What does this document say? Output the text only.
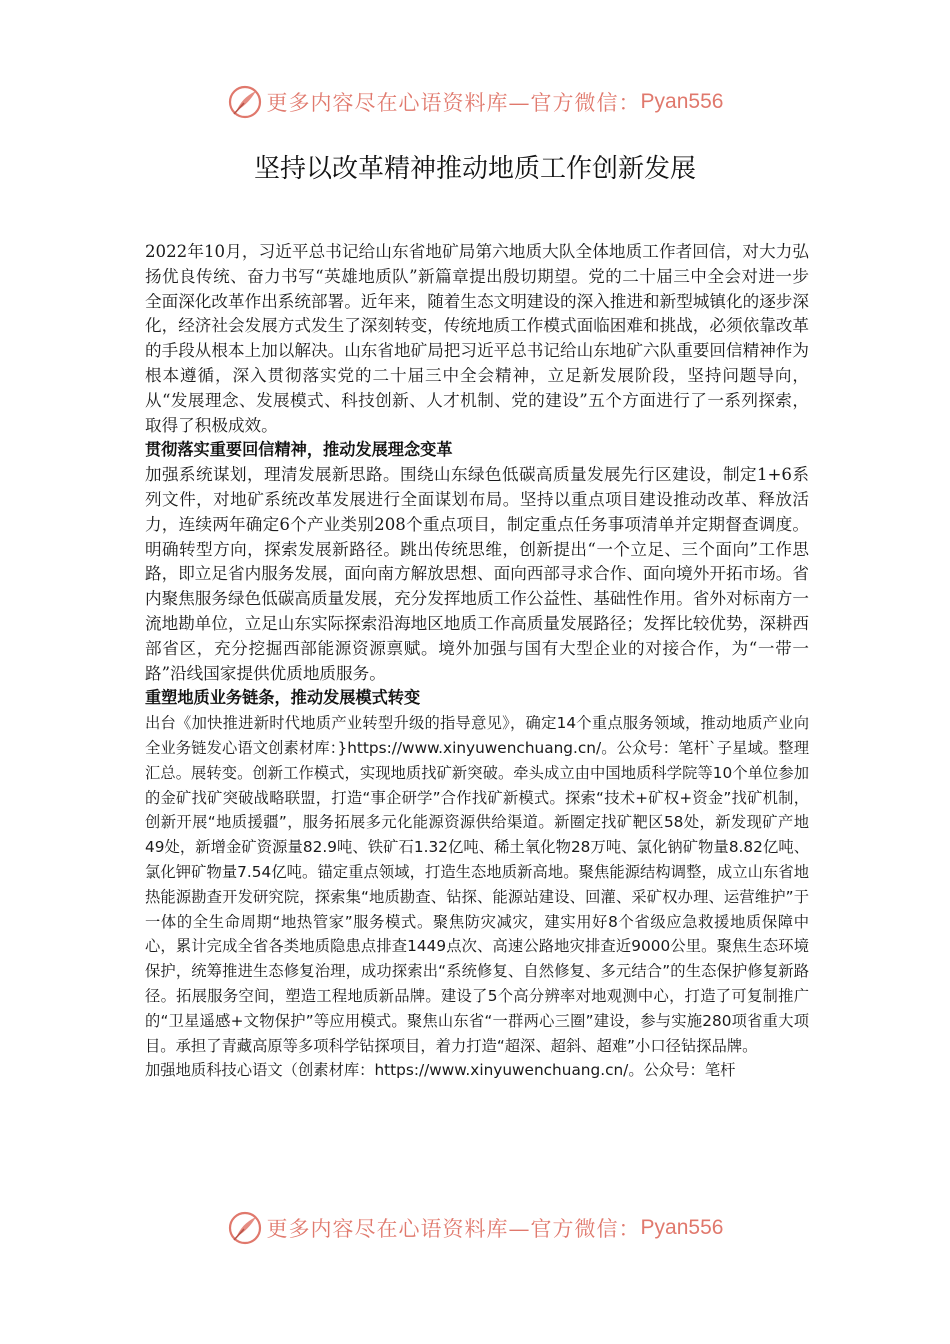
更多内容尽在心语资料库—官方微信： Pyan556
坚持以改革精神推动地质工作创新发展

2022年10月，习近平总书记给山东省地矿局第六地质大队全体地质工作者回信，对大力弘扬优良传统、奋力书写“英雄地质队”新篇章提出殷切期望。党的二十届三中全会对进一步全面深化改革作出系统部署。近年来，随着生态文明建设的深入推进和新型城镇化的逐步深化，经济社会发展方式发生了深刻转变，传统地质工作模式面临困难和挑战，必须依靠改革的手段从根本上加以解决。山东省地矿局把习近平总书记给山东地矿六队重要回信精神作为根本遵循，深入贯彻落实党的二十届三中全会精神，立足新发展阶段，坚持问题导向，从“发展理念、发展模式、科技创新、人才机制、党的建设”五个方面进行了一系列探索，取得了积极成效。

贯彻落实重要回信精神，推动发展理念变革

加强系统谋划，理清发展新思路。围绕山东绿色低碳高质量发展先行区建设，制定1+6系列文件，对地矿系统改革发展进行全面谋划布局。坚持以重点项目建设推动改革、释放活力，连续两年确定6个产业类别208个重点项目，制定重点任务事项清单并定期督查调度。明确转型方向，探索发展新路径。跳出传统思维，创新提出“一个立足、三个面向”工作思路，即立足省内服务发展，面向南方解放思想、面向西部寻求合作、面向境外开拓市场。省内聚焦服务绿色低碳高质量发展，充分发挥地质工作公益性、基础性作用。省外对标南方一流地勘单位，立足山东实际探索沿海地区地质工作高质量发展路径；发挥比较优势，深耕西部省区，充分挖掘西部能源资源禀赋。境外加强与国有大型企业的对接合作，为“一带一路”沿线国家提供优质地质服务。

重塑地质业务链条，推动发展模式转变

出台《加快推进新时代地质产业转型升级的指导意见》，确定14个重点服务领域，推动地质产业向全业务链发心语文创素材库：}https://www.xinyuwenchuang.cn/。公众号：笔杆`子星域。整理汇总。展转变。创新工作模式，实现地质找矿新突破。牵头成立由中国地质科学院等10个单位参加的金矿找矿突破战略联盟，打造“事企研学”合作找矿新模式。探索“技术+矿权+资金”找矿机制，创新开展“地质援疆”，服务拓展多元化能源资源供给渠道。新圈定找矿靶区58处，新发现矿产地49处，新增金矿资源量82.9吨、铁矿石1.32亿吨、稀土氧化物28万吨、氯化钠矿物量8.82亿吨、氯化钾矿物量7.54亿吨。锚定重点领域，打造生态地质新高地。聚焦能源结构调整，成立山东省地热能源勘查开发研究院，探索集“地质勘查、钻探、能源站建设、回灌、采矿权办理、运营维护”于一体的全生命周期“地热管家”服务模式。聚焦防灾减灾，建实用好8个省级应急救援地质保障中心，累计完成全省各类地质隐患点排查1449点次、高速公路地灾排查近9000公里。聚焦生态环境保护，统筹推进生态修复治理，成功探索出“系统修复、自然修复、多元结合”的生态保护修复新路径。拓展服务空间，塑造工程地质新品牌。建设了5个高分辨率对地观测中心，打造了可复制推广的“卫星遥感+文物保护”等应用模式。聚焦山东省“一群两心三圈”建设，参与实施280项省重大项目。承担了青藏高原等多项科学钻探项目，着力打造“超深、超斜、超难”小口径钻探品牌。

加强地质科技心语文（创素材库：https://www.xinyuwenchuang.cn/。公众号：笔杆

更多内容尽在心语资料库—官方微信： Pyan556
